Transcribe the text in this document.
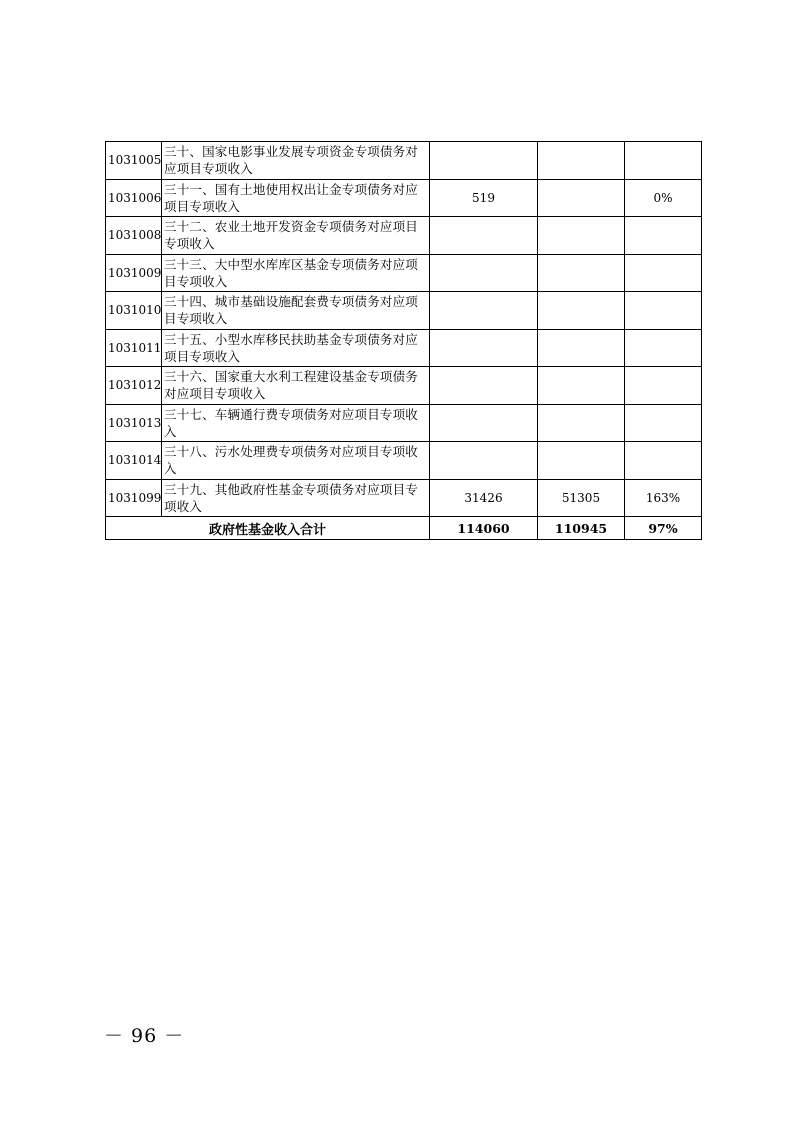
1031005	三十、国家电影事业发展专项资金专项债务对应项目专项收入			
1031006	三十一、国有土地使用权出让金专项债务对应项目专项收入	519		0%
1031008	三十二、农业土地开发资金专项债务对应项目专项收入			
1031009	三十三、大中型水库库区基金专项债务对应项目专项收入			
1031010	三十四、城市基础设施配套费专项债务对应项目专项收入			
1031011	三十五、小型水库移民扶助基金专项债务对应项目专项收入			
1031012	三十六、国家重大水利工程建设基金专项债务对应项目专项收入			
1031013	三十七、车辆通行费专项债务对应项目专项收入			
1031014	三十八、污水处理费专项债务对应项目专项收入			
1031099	三十九、其他政府性基金专项债务对应项目专项收入	31426	51305	163%
政府性基金收入合计		114060	110945	97%
－ 96 －
